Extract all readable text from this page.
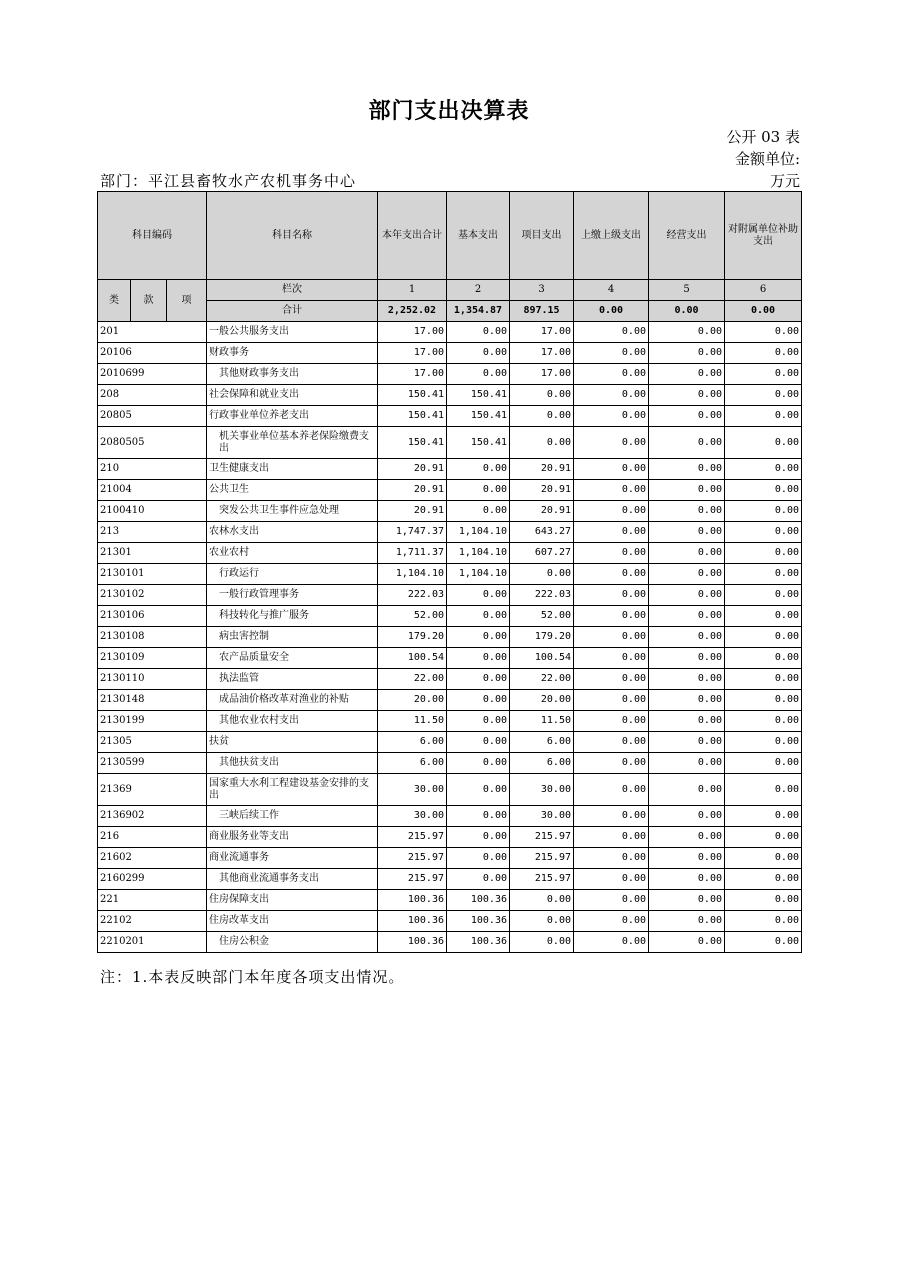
部门支出决算表
公开 03 表
金额单位:
万元
部门：平江县畜牧水产农机事务中心
科目编码			科目名称	本年支出合计	基本支出	项目支出	上缴上级支出	经营支出	对附属单位补助支出
类	款	项	栏次	1	2	3	4	5	6
			合计	2,252.02	1,354.87	897.15	0.00	0.00	0.00
201			一般公共服务支出	17.00	0.00	17.00	0.00	0.00	0.00
20106			财政事务	17.00	0.00	17.00	0.00	0.00	0.00
2010699			其他财政事务支出	17.00	0.00	17.00	0.00	0.00	0.00
208			社会保障和就业支出	150.41	150.41	0.00	0.00	0.00	0.00
20805			行政事业单位养老支出	150.41	150.41	0.00	0.00	0.00	0.00
2080505			机关事业单位基本养老保险缴费支出	150.41	150.41	0.00	0.00	0.00	0.00
210			卫生健康支出	20.91	0.00	20.91	0.00	0.00	0.00
21004			公共卫生	20.91	0.00	20.91	0.00	0.00	0.00
2100410			突发公共卫生事件应急处理	20.91	0.00	20.91	0.00	0.00	0.00
213			农林水支出	1,747.37	1,104.10	643.27	0.00	0.00	0.00
21301			农业农村	1,711.37	1,104.10	607.27	0.00	0.00	0.00
2130101			行政运行	1,104.10	1,104.10	0.00	0.00	0.00	0.00
2130102			一般行政管理事务	222.03	0.00	222.03	0.00	0.00	0.00
2130106			科技转化与推广服务	52.00	0.00	52.00	0.00	0.00	0.00
2130108			病虫害控制	179.20	0.00	179.20	0.00	0.00	0.00
2130109			农产品质量安全	100.54	0.00	100.54	0.00	0.00	0.00
2130110			执法监管	22.00	0.00	22.00	0.00	0.00	0.00
2130148			成品油价格改革对渔业的补贴	20.00	0.00	20.00	0.00	0.00	0.00
2130199			其他农业农村支出	11.50	0.00	11.50	0.00	0.00	0.00
21305			扶贫	6.00	0.00	6.00	0.00	0.00	0.00
2130599			其他扶贫支出	6.00	0.00	6.00	0.00	0.00	0.00
21369			国家重大水利工程建设基金安排的支出	30.00	0.00	30.00	0.00	0.00	0.00
2136902			三峡后续工作	30.00	0.00	30.00	0.00	0.00	0.00
216			商业服务业等支出	215.97	0.00	215.97	0.00	0.00	0.00
21602			商业流通事务	215.97	0.00	215.97	0.00	0.00	0.00
2160299			其他商业流通事务支出	215.97	0.00	215.97	0.00	0.00	0.00
221			住房保障支出	100.36	100.36	0.00	0.00	0.00	0.00
22102			住房改革支出	100.36	100.36	0.00	0.00	0.00	0.00
2210201			住房公积金	100.36	100.36	0.00	0.00	0.00	0.00
注：1.本表反映部门本年度各项支出情况。
